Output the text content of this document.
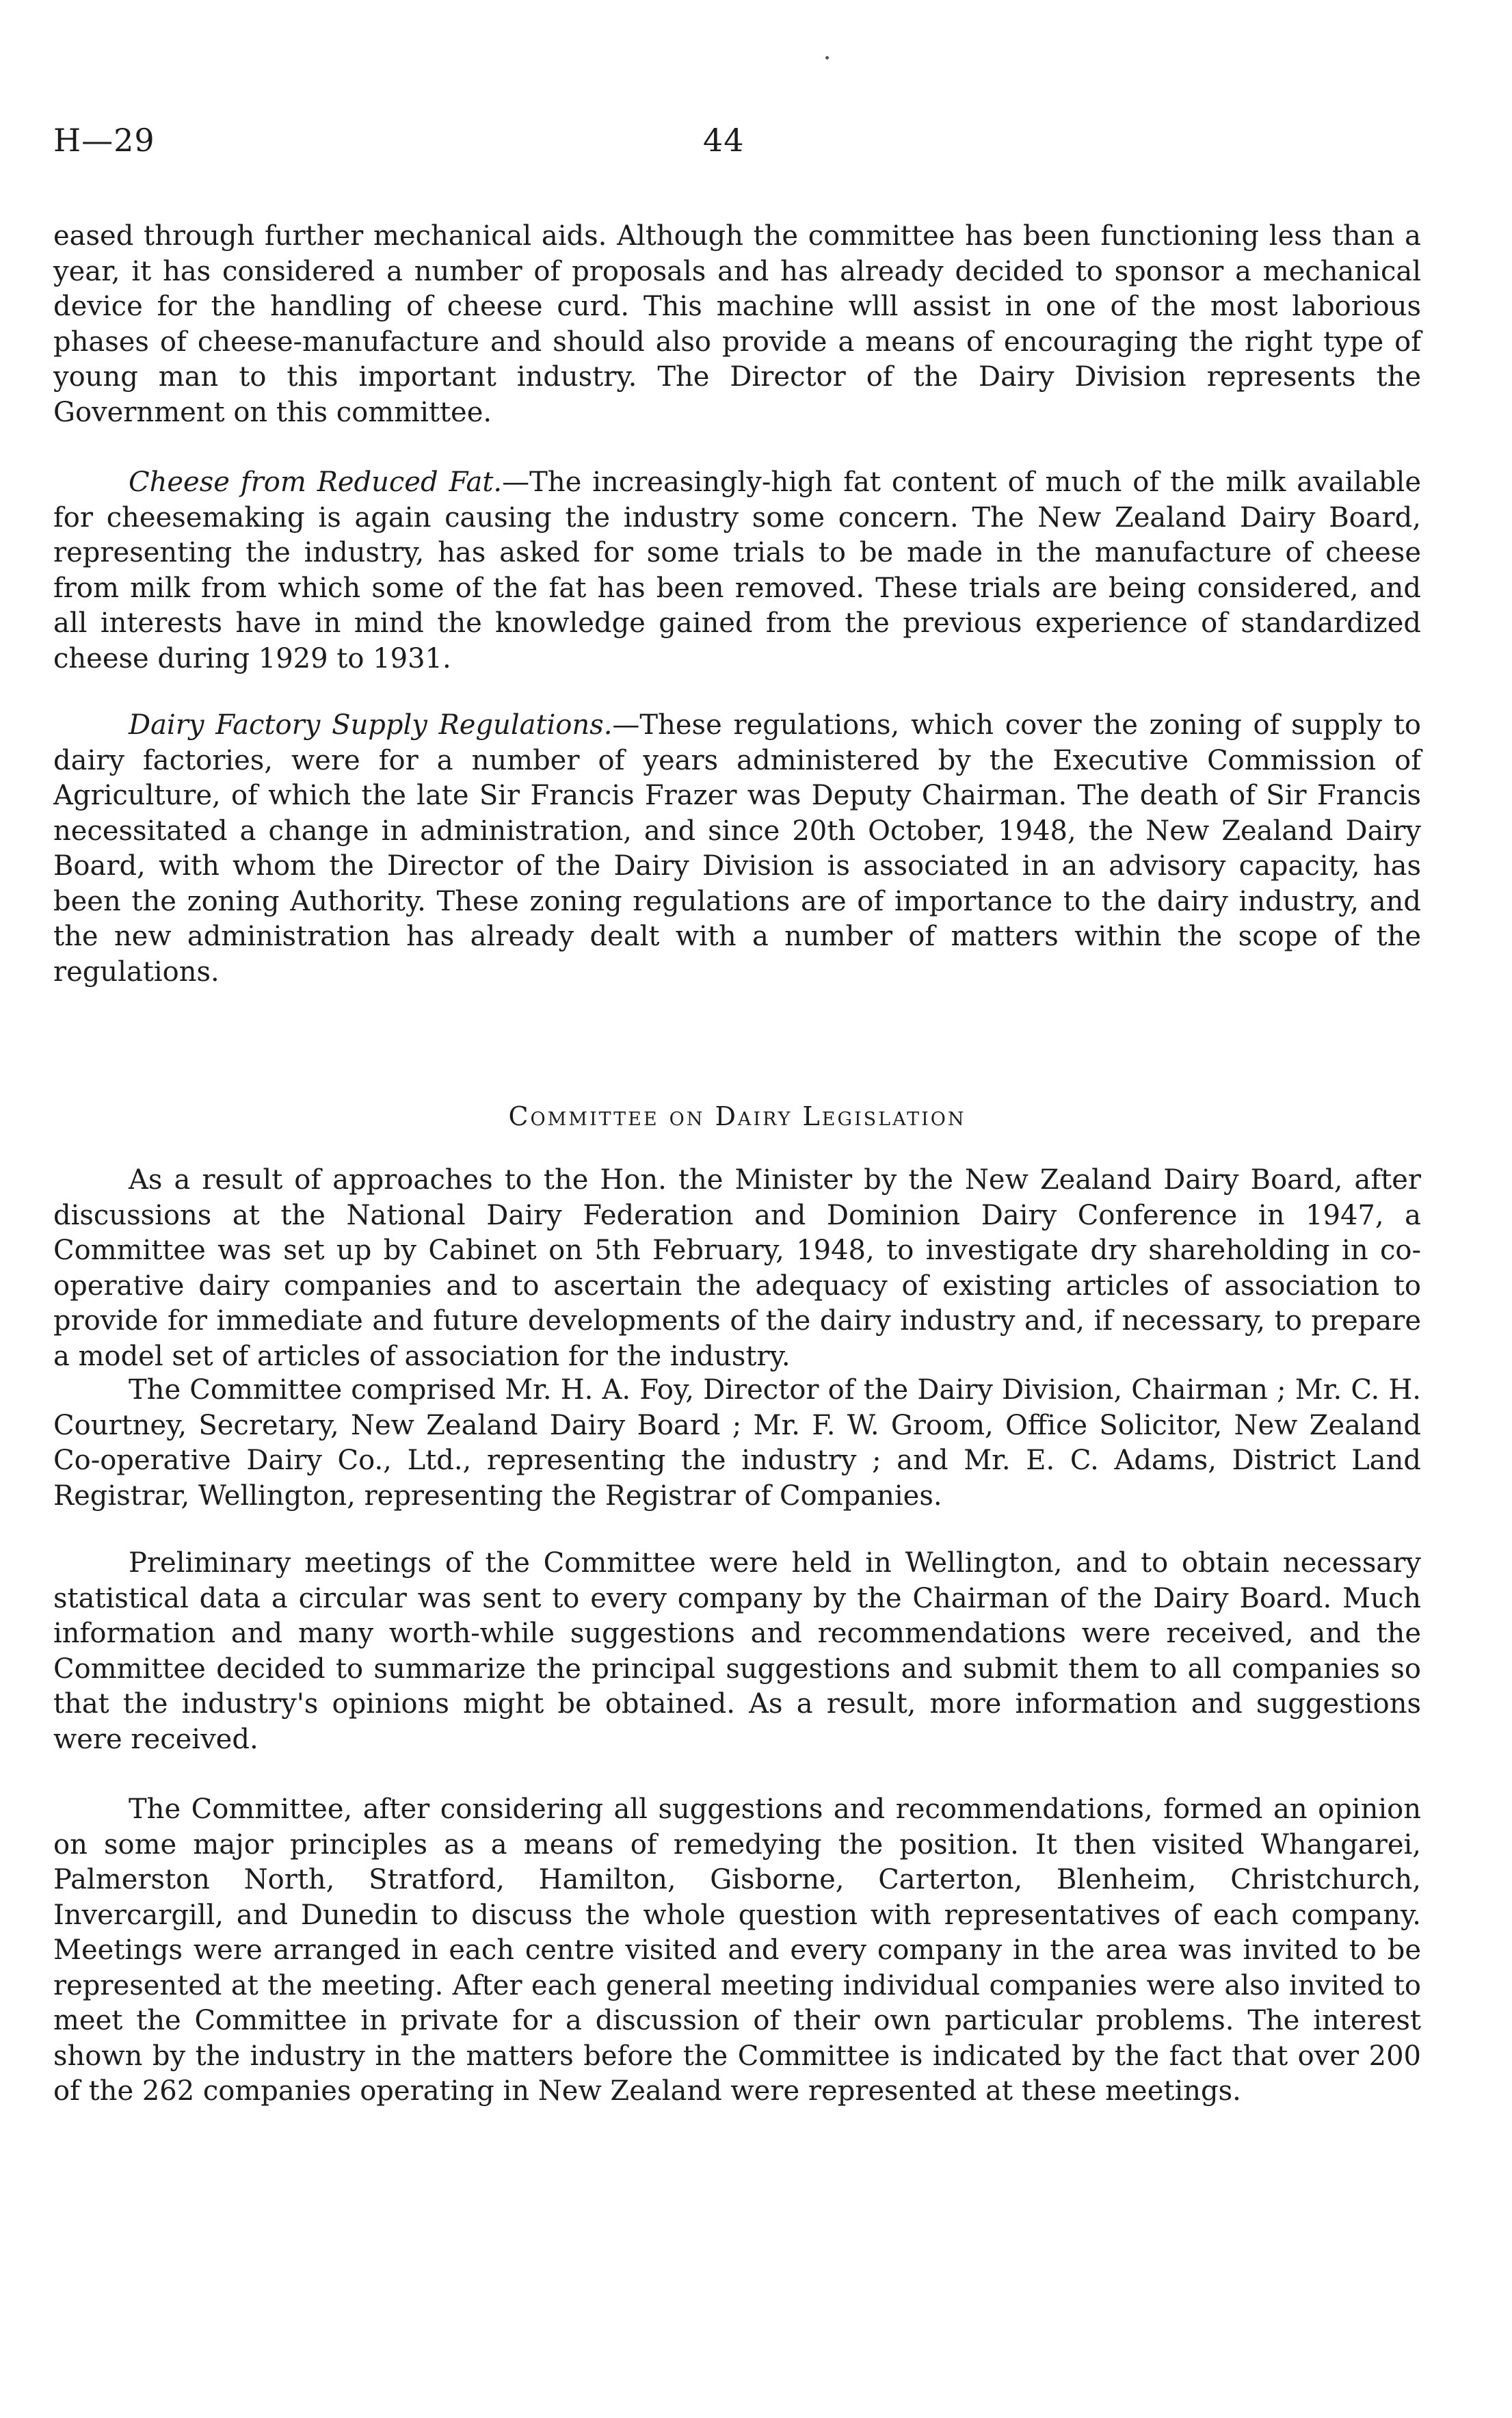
H—29	44

eased through further mechanical aids. Although the committee has been functioning less than a year, it has considered a number of proposals and has already decided to sponsor a mechanical device for the handling of cheese curd. This machine wlll assist in one of the most laborious phases of cheese-manufacture and should also provide a means of encouraging the right type of young man to this important industry. The Director of the Dairy Division represents the Government on this committee.

Cheese from Reduced Fat.—The increasingly-high fat content of much of the milk available for cheesemaking is again causing the industry some concern. The New Zealand Dairy Board, representing the industry, has asked for some trials to be made in the manufacture of cheese from milk from which some of the fat has been removed. These trials are being considered, and all interests have in mind the knowledge gained from the previous experience of standardized cheese during 1929 to 1931.

Dairy Factory Supply Regulations.—These regulations, which cover the zoning of supply to dairy factories, were for a number of years administered by the Executive Commission of Agriculture, of which the late Sir Francis Frazer was Deputy Chairman. The death of Sir Francis necessitated a change in administration, and since 20th October, 1948, the New Zealand Dairy Board, with whom the Director of the Dairy Division is associated in an advisory capacity, has been the zoning Authority. These zoning regulations are of importance to the dairy industry, and the new administration has already dealt with a number of matters within the scope of the regulations.

Committee on Dairy Legislation

As a result of approaches to the Hon. the Minister by the New Zealand Dairy Board, after discussions at the National Dairy Federation and Dominion Dairy Conference in 1947, a Committee was set up by Cabinet on 5th February, 1948, to investigate dry shareholding in co-operative dairy companies and to ascertain the adequacy of existing articles of association to provide for immediate and future developments of the dairy industry and, if necessary, to prepare a model set of articles of association for the industry.

The Committee comprised Mr. H. A. Foy, Director of the Dairy Division, Chairman ; Mr. C. H. Courtney, Secretary, New Zealand Dairy Board ; Mr. F. W. Groom, Office Solicitor, New Zealand Co-operative Dairy Co., Ltd., representing the industry ; and Mr. E. C. Adams, District Land Registrar, Wellington, representing the Registrar of Companies.

Preliminary meetings of the Committee were held in Wellington, and to obtain necessary statistical data a circular was sent to every company by the Chairman of the Dairy Board. Much information and many worth-while suggestions and recommendations were received, and the Committee decided to summarize the principal suggestions and submit them to all companies so that the industry's opinions might be obtained. As a result, more information and suggestions were received.

The Committee, after considering all suggestions and recommendations, formed an opinion on some major principles as a means of remedying the position. It then visited Whangarei, Palmerston North, Stratford, Hamilton, Gisborne, Carterton, Blenheim, Christchurch, Invercargill, and Dunedin to discuss the whole question with representatives of each company. Meetings were arranged in each centre visited and every company in the area was invited to be represented at the meeting. After each general meeting individual companies were also invited to meet the Committee in private for a discussion of their own particular problems. The interest shown by the industry in the matters before the Committee is indicated by the fact that over 200 of the 262 companies operating in New Zealand were represented at these meetings.
